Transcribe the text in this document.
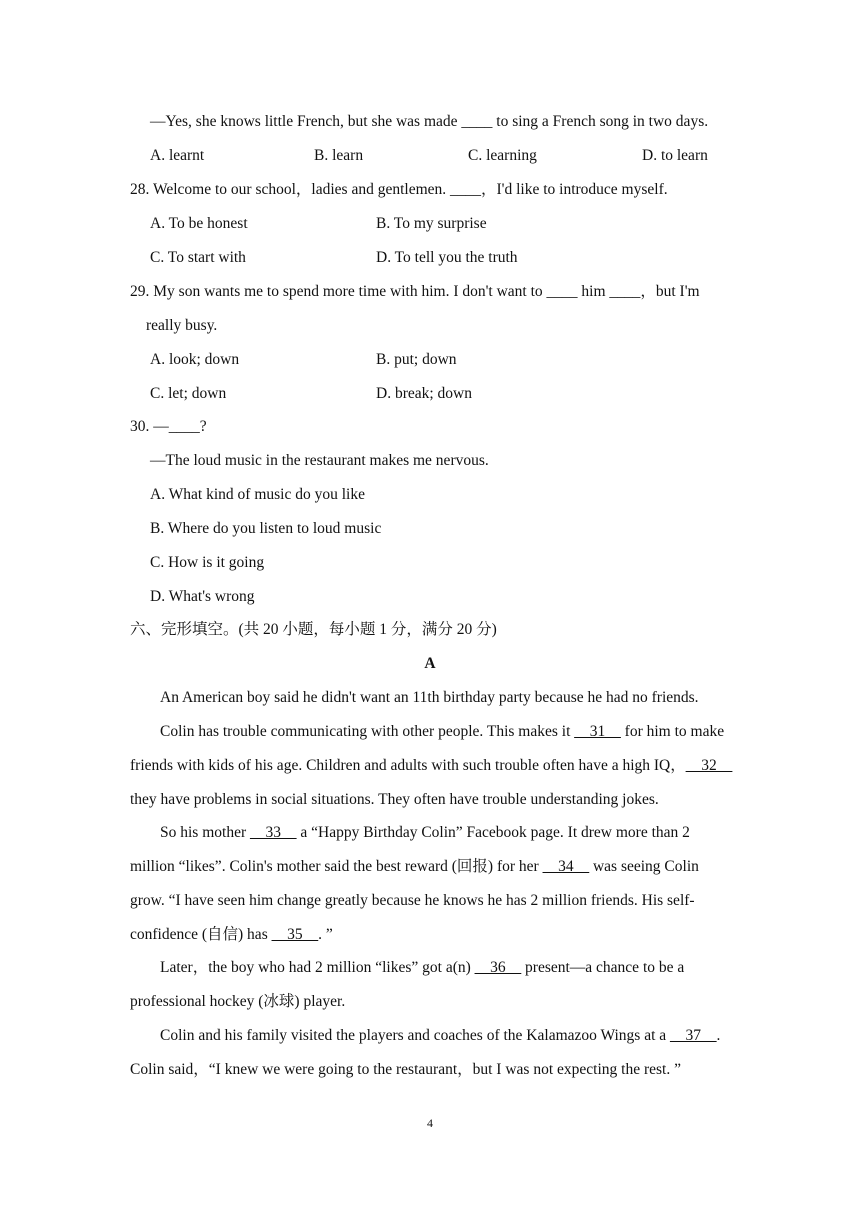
—Yes, she knows little French, but she was made ____ to sing a French song in two days.
A. learnt	B. learn	C. learning	D. to learn
28. Welcome to our school，ladies and gentlemen. ____，I'd like to introduce myself.
A. To be honest	B. To my surprise
C. To start with	D. To tell you the truth
29. My son wants me to spend more time with him. I don't want to ____ him ____，but I'm
really busy.
A. look; down	B. put; down
C. let; down	D. break; down
30. —____?
—The loud music in the restaurant makes me nervous.
A. What kind of music do you like
B. Where do you listen to loud music
C. How is it going
D. What's wrong
六、完形填空。(共 20 小题，每小题 1 分，满分 20 分)
A
An American boy said he didn't want an 11th birthday party because he had no friends.
Colin has trouble communicating with other people. This makes it __31__ for him to make
friends with kids of his age. Children and adults with such trouble often have a high IQ，__32__
they have problems in social situations. They often have trouble understanding jokes.
So his mother __33__ a “Happy Birthday Colin” Facebook page. It drew more than 2
million “likes”. Colin's mother said the best reward (回报) for her __34__ was seeing Colin
grow. “I have seen him change greatly because he knows he has 2 million friends. His self-
confidence (自信) has __35__. ”
Later，the boy who had 2 million “likes” got a(n) __36__ present—a chance to be a
professional hockey (冰球) player.
Colin and his family visited the players and coaches of the Kalamazoo Wings at a __37__.
Colin said，“I knew we were going to the restaurant，but I was not expecting the rest. ”
4
